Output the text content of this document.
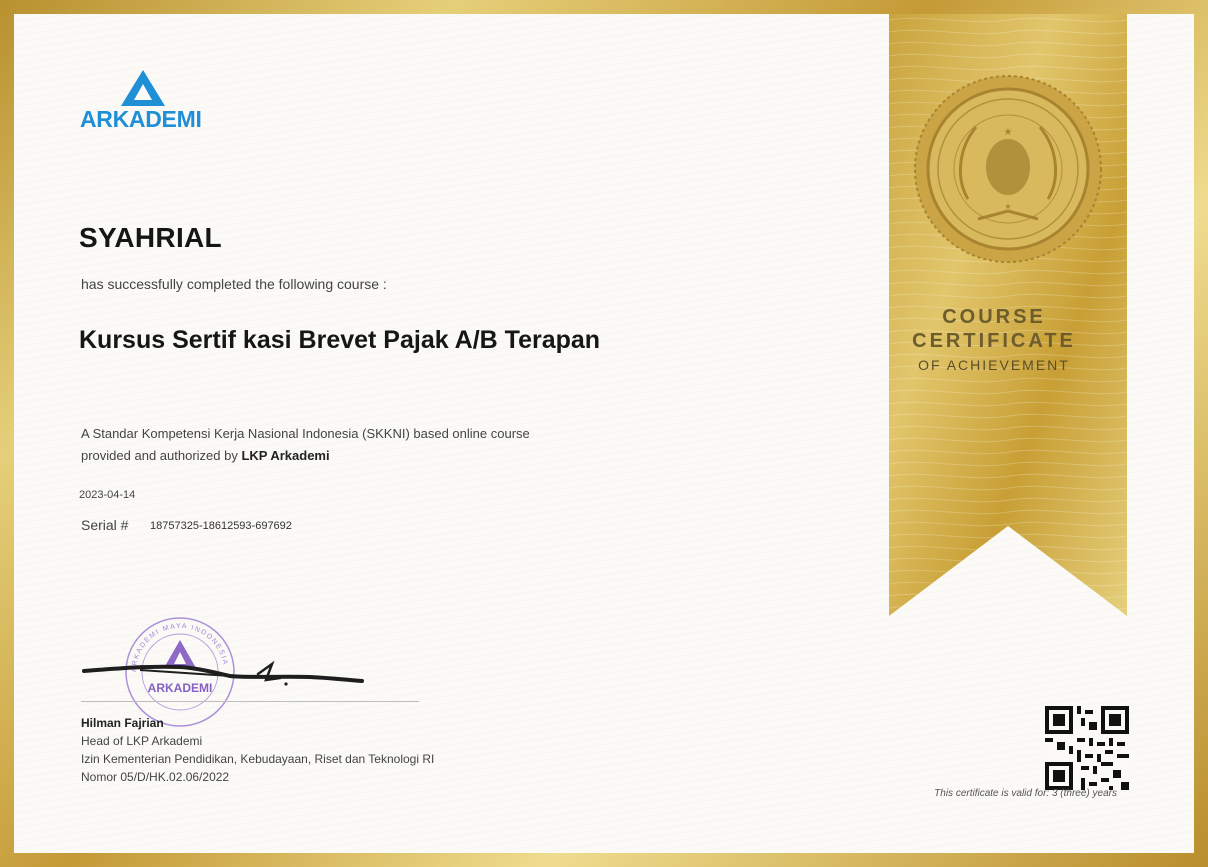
ARKADEMI
SYAHRIAL
has successfully completed the following course :
Kursus Sertif kasi Brevet Pajak A/B Terapan
A Standar Kompetensi Kerja Nasional Indonesia (SKKNI) based online course
provided and authorized by LKP Arkademi
2023-04-14
Serial # 18757325-18612593-697692
ARKADEMI MAYA INDONESIA
ARKADEMI
Hilman Fajrian
Head of LKP Arkademi
Izin Kementerian Pendidikan, Kebudayaan, Riset dan Teknologi RI
Nomor 05/D/HK.02.06/2022
★
★
COURSE
CERTIFICATE
OF ACHIEVEMENT
This certificate is valid for: 3 (three) years
